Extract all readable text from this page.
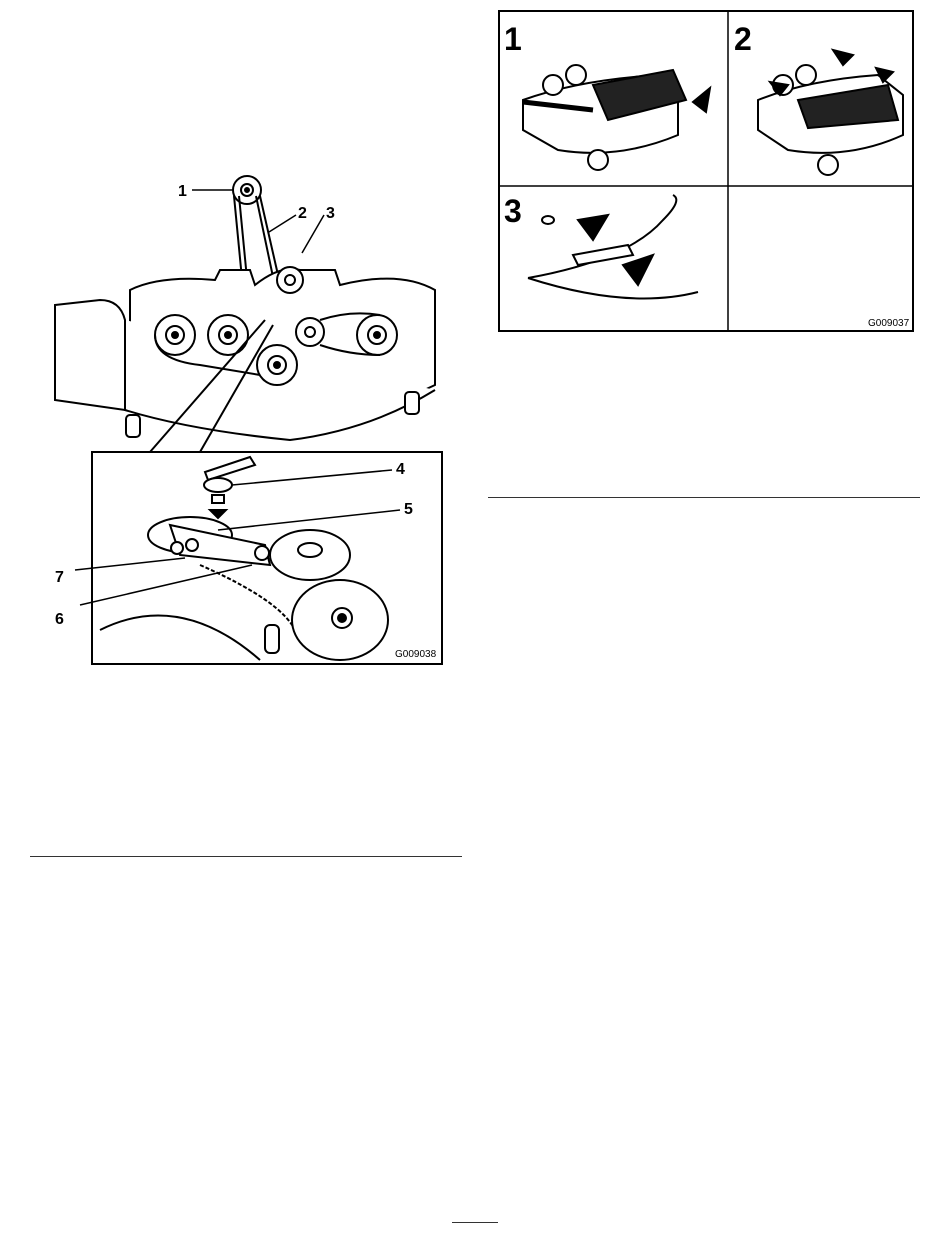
1
2 3
4
5
7
6
G009038
1	2
3
G009037
